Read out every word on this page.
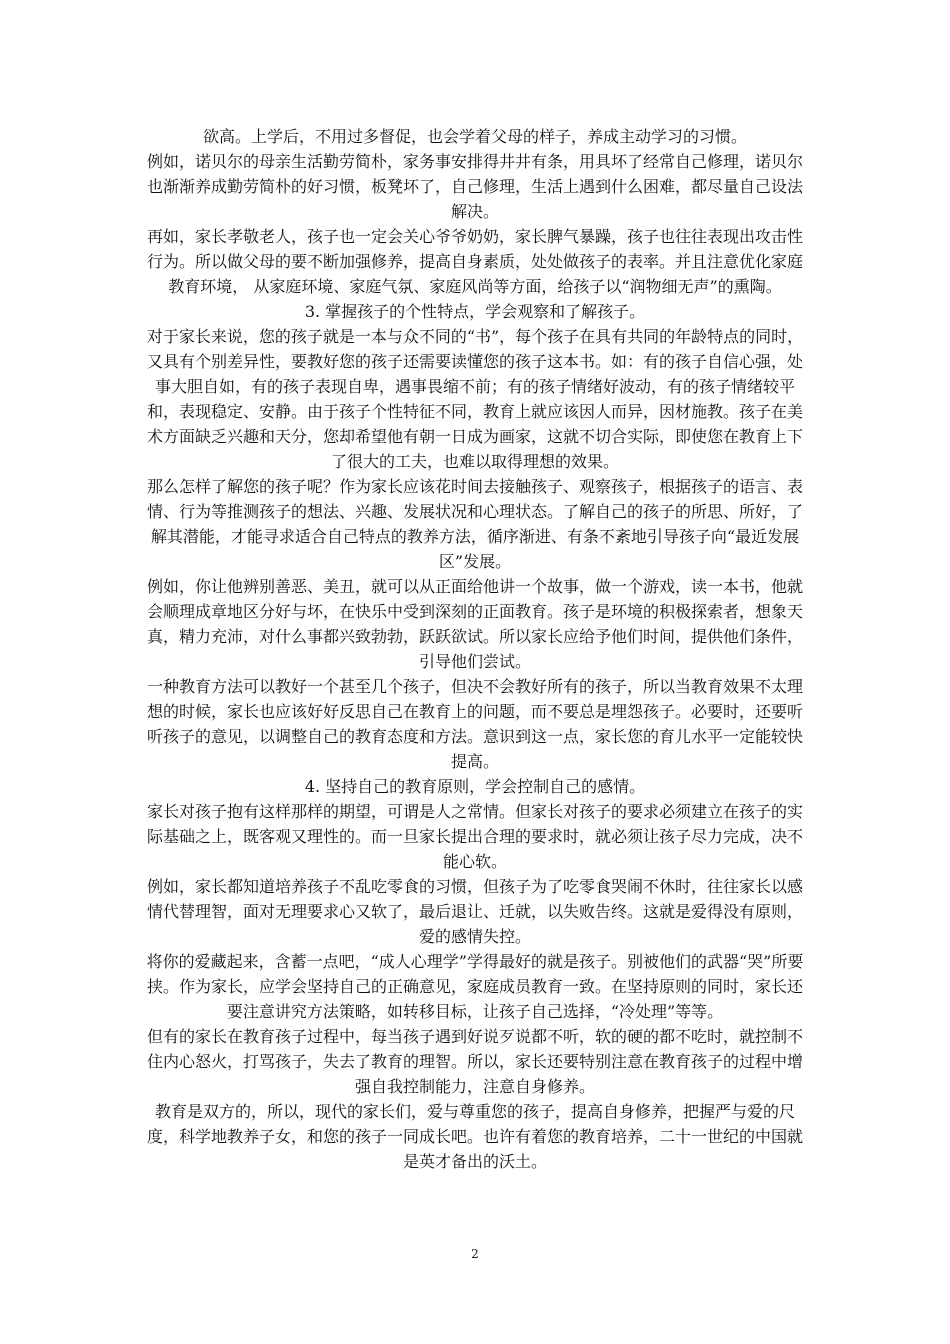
欲高。上学后，不用过多督促，也会学着父母的样子，养成主动学习的习惯。

例如，诺贝尔的母亲生活勤劳简朴，家务事安排得井井有条，用具坏了经常自己修理，诺贝尔也渐渐养成勤劳简朴的好习惯，板凳坏了，自己修理，生活上遇到什么困难，都尽量自己设法解决。

再如，家长孝敬老人，孩子也一定会关心爷爷奶奶，家长脾气暴躁，孩子也往往表现出攻击性行为。所以做父母的要不断加强修养，提高自身素质，处处做孩子的表率。并且注意优化家庭教育环境， 从家庭环境、家庭气氛、家庭风尚等方面，给孩子以“润物细无声”的熏陶。

3. 掌握孩子的个性特点，学会观察和了解孩子。

对于家长来说，您的孩子就是一本与众不同的“书”，每个孩子在具有共同的年龄特点的同时，又具有个别差异性，要教好您的孩子还需要读懂您的孩子这本书。如：有的孩子自信心强，处事大胆自如，有的孩子表现自卑，遇事畏缩不前；有的孩子情绪好波动，有的孩子情绪较平和，表现稳定、安静。由于孩子个性特征不同，教育上就应该因人而异，因材施教。孩子在美术方面缺乏兴趣和天分，您却希望他有朝一日成为画家，这就不切合实际，即使您在教育上下了很大的工夫，也难以取得理想的效果。

那么怎样了解您的孩子呢？作为家长应该花时间去接触孩子、观察孩子，根据孩子的语言、表情、行为等推测孩子的想法、兴趣、发展状况和心理状态。了解自己的孩子的所思、所好，了解其潜能，才能寻求适合自己特点的教养方法，循序渐进、有条不紊地引导孩子向“最近发展区”发展。

例如，你让他辨别善恶、美丑，就可以从正面给他讲一个故事，做一个游戏，读一本书，他就会顺理成章地区分好与坏，在快乐中受到深刻的正面教育。孩子是环境的积极探索者，想象天真，精力充沛，对什么事都兴致勃勃，跃跃欲试。所以家长应给予他们时间，提供他们条件，引导他们尝试。

一种教育方法可以教好一个甚至几个孩子，但决不会教好所有的孩子，所以当教育效果不太理想的时候，家长也应该好好反思自己在教育上的问题，而不要总是埋怨孩子。必要时，还要听听孩子的意见，以调整自己的教育态度和方法。意识到这一点，家长您的育儿水平一定能较快提高。

4. 坚持自己的教育原则，学会控制自己的感情。

家长对孩子抱有这样那样的期望，可谓是人之常情。但家长对孩子的要求必须建立在孩子的实际基础之上，既客观又理性的。而一旦家长提出合理的要求时，就必须让孩子尽力完成，决不能心软。

例如，家长都知道培养孩子不乱吃零食的习惯，但孩子为了吃零食哭闹不休时，往往家长以感情代替理智，面对无理要求心又软了，最后退让、迁就，以失败告终。这就是爱得没有原则，爱的感情失控。

将你的爱藏起来，含蓄一点吧，“成人心理学”学得最好的就是孩子。别被他们的武器“哭”所要挟。作为家长，应学会坚持自己的正确意见，家庭成员教育一致。在坚持原则的同时，家长还要注意讲究方法策略，如转移目标，让孩子自己选择，“冷处理”等等。

但有的家长在教育孩子过程中，每当孩子遇到好说歹说都不听，软的硬的都不吃时，就控制不住内心怒火，打骂孩子，失去了教育的理智。所以，家长还要特别注意在教育孩子的过程中增强自我控制能力，注意自身修养。

教育是双方的，所以，现代的家长们，爱与尊重您的孩子，提高自身修养，把握严与爱的尺度，科学地教养子女，和您的孩子一同成长吧。也许有着您的教育培养，二十一世纪的中国就是英才备出的沃土。

2
